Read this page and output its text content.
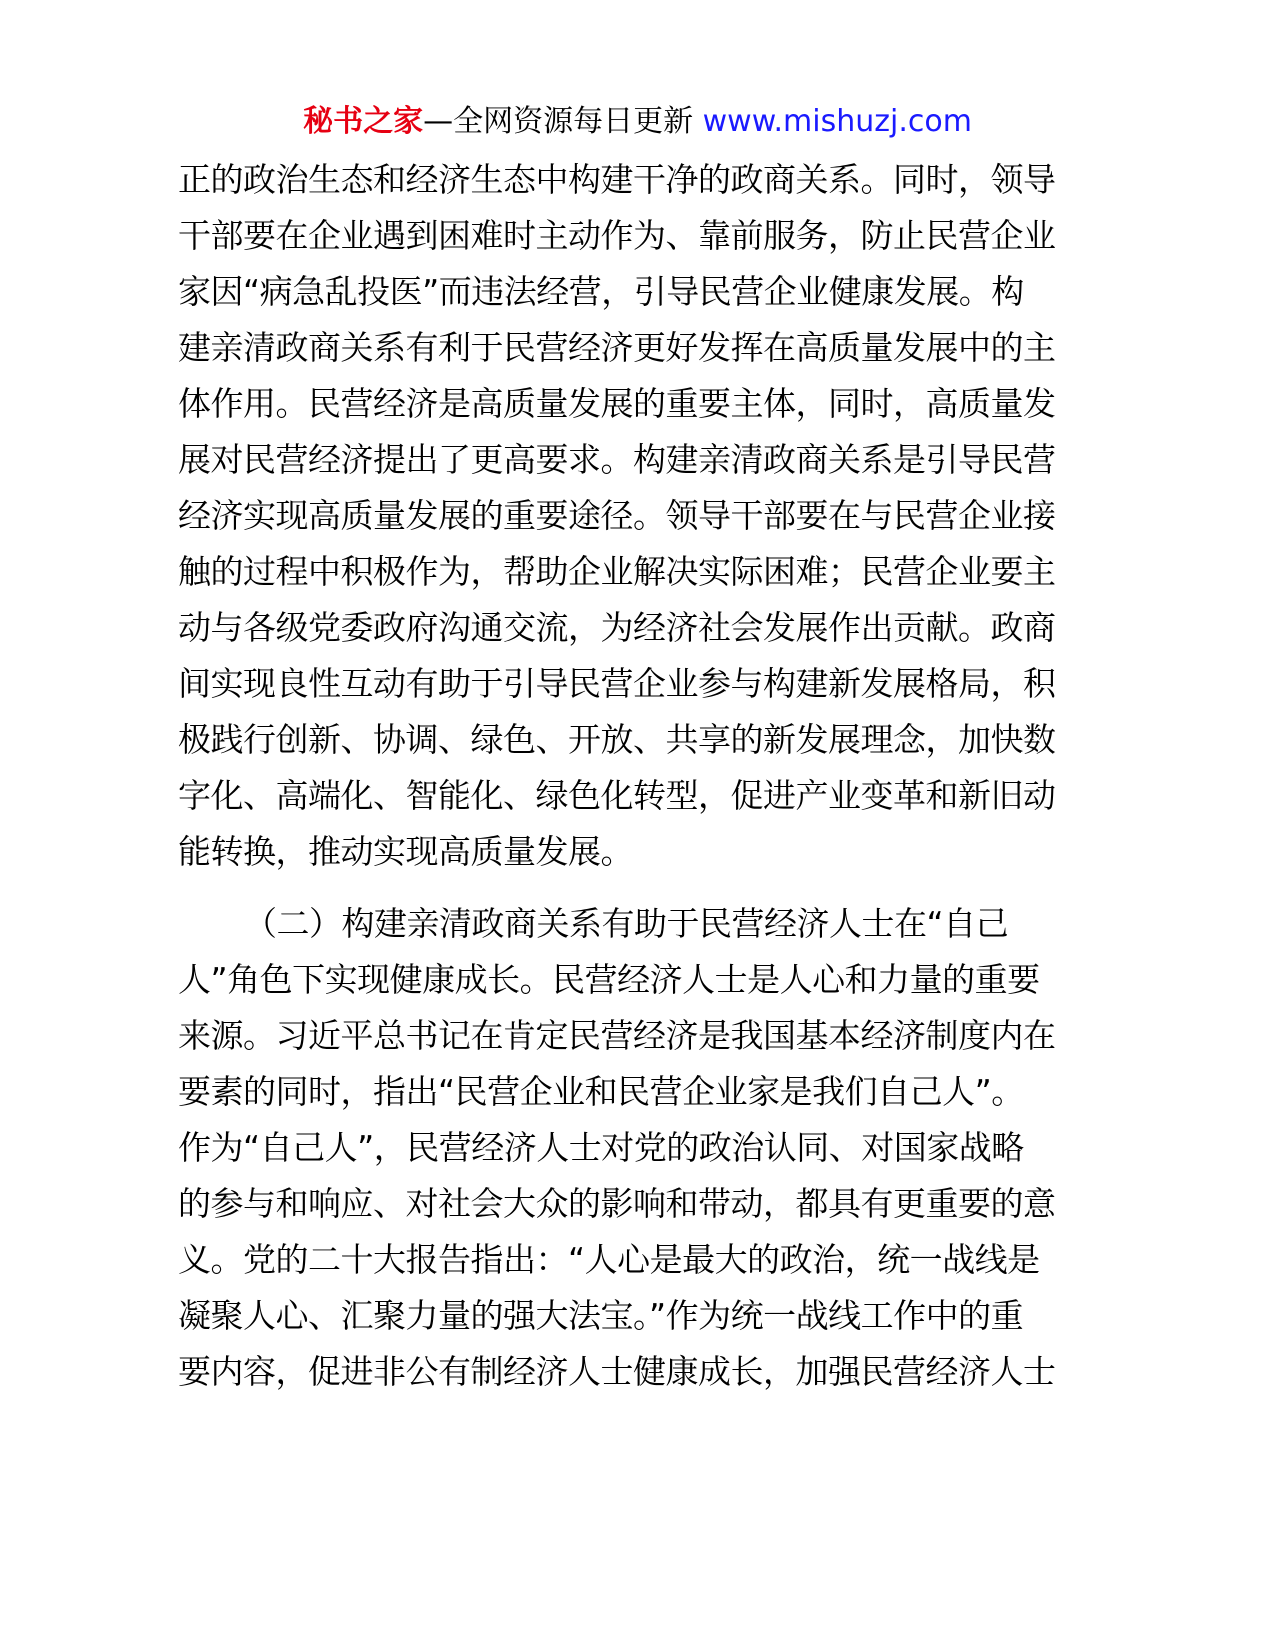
秘书之家—全网资源每日更新 www.mishuzj.com
正的政治生态和经济生态中构建干净的政商关系。同时，领导
干部要在企业遇到困难时主动作为、靠前服务，防止民营企业
家因“病急乱投医”而违法经营，引导民营企业健康发展。构
建亲清政商关系有利于民营经济更好发挥在高质量发展中的主
体作用。民营经济是高质量发展的重要主体，同时，高质量发
展对民营经济提出了更高要求。构建亲清政商关系是引导民营
经济实现高质量发展的重要途径。领导干部要在与民营企业接
触的过程中积极作为，帮助企业解决实际困难；民营企业要主
动与各级党委政府沟通交流，为经济社会发展作出贡献。政商
间实现良性互动有助于引导民营企业参与构建新发展格局，积
极践行创新、协调、绿色、开放、共享的新发展理念，加快数
字化、高端化、智能化、绿色化转型，促进产业变革和新旧动
能转换，推动实现高质量发展。
（二）构建亲清政商关系有助于民营经济人士在“自己
人”角色下实现健康成长。民营经济人士是人心和力量的重要
来源。习近平总书记在肯定民营经济是我国基本经济制度内在
要素的同时，指出“民营企业和民营企业家是我们自己人”。
作为“自己人”，民营经济人士对党的政治认同、对国家战略
的参与和响应、对社会大众的影响和带动，都具有更重要的意
义。党的二十大报告指出：“人心是最大的政治，统一战线是
凝聚人心、汇聚力量的强大法宝。”作为统一战线工作中的重
要内容，促进非公有制经济人士健康成长，加强民营经济人士
